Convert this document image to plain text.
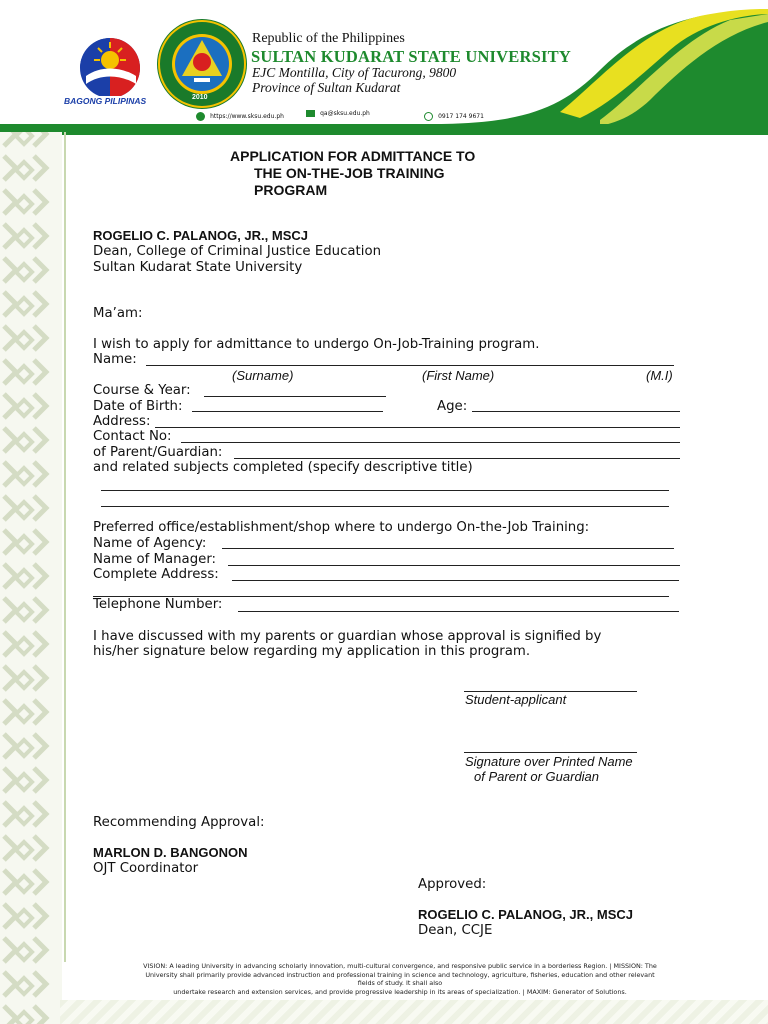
BAGONG PILIPINAS	2010
Republic of the Philippines
SULTAN KUDARAT STATE UNIVERSITY
EJC Montilla, City of Tacurong, 9800
Province of Sultan Kudarat
https://www.sksu.edu.ph	qa@sksu.edu.ph	0917 174 9671
APPLICATION FOR ADMITTANCE TO
THE ON-THE-JOB TRAINING
PROGRAM
ROGELIO C. PALANOG, JR., MSCJ
Dean, College of Criminal Justice Education
Sultan Kudarat State University
Ma’am:
I wish to apply for admittance to undergo On-Job-Training program.
Name:
(Surname)	(First Name)	(M.I)
Course & Year:
Date of Birth:	Age:
Address:
Contact No:
of Parent/Guardian:
and related subjects completed (specify descriptive title)
Preferred office/establishment/shop where to undergo On-the-Job Training:
Name of Agency:
Name of Manager:
Complete Address:
Telephone Number:
I have discussed with my parents or guardian whose approval is signified by
his/her signature below regarding my application in this program.
Student-applicant
Signature over Printed Name
of Parent or Guardian
Recommending Approval:
MARLON D. BANGONON
OJT Coordinator
Approved:
ROGELIO C. PALANOG, JR., MSCJ
Dean, CCJE
VISION: A leading University in advancing scholarly innovation, multi-cultural convergence, and responsive public service in a borderless Region. | MISSION: The
University shall primarily provide advanced instruction and professional training in science and technology, agriculture, fisheries, education and other relevant
fields of study. It shall also
undertake research and extension services, and provide progressive leadership in its areas of specialization. | MAXIM: Generator of Solutions.
